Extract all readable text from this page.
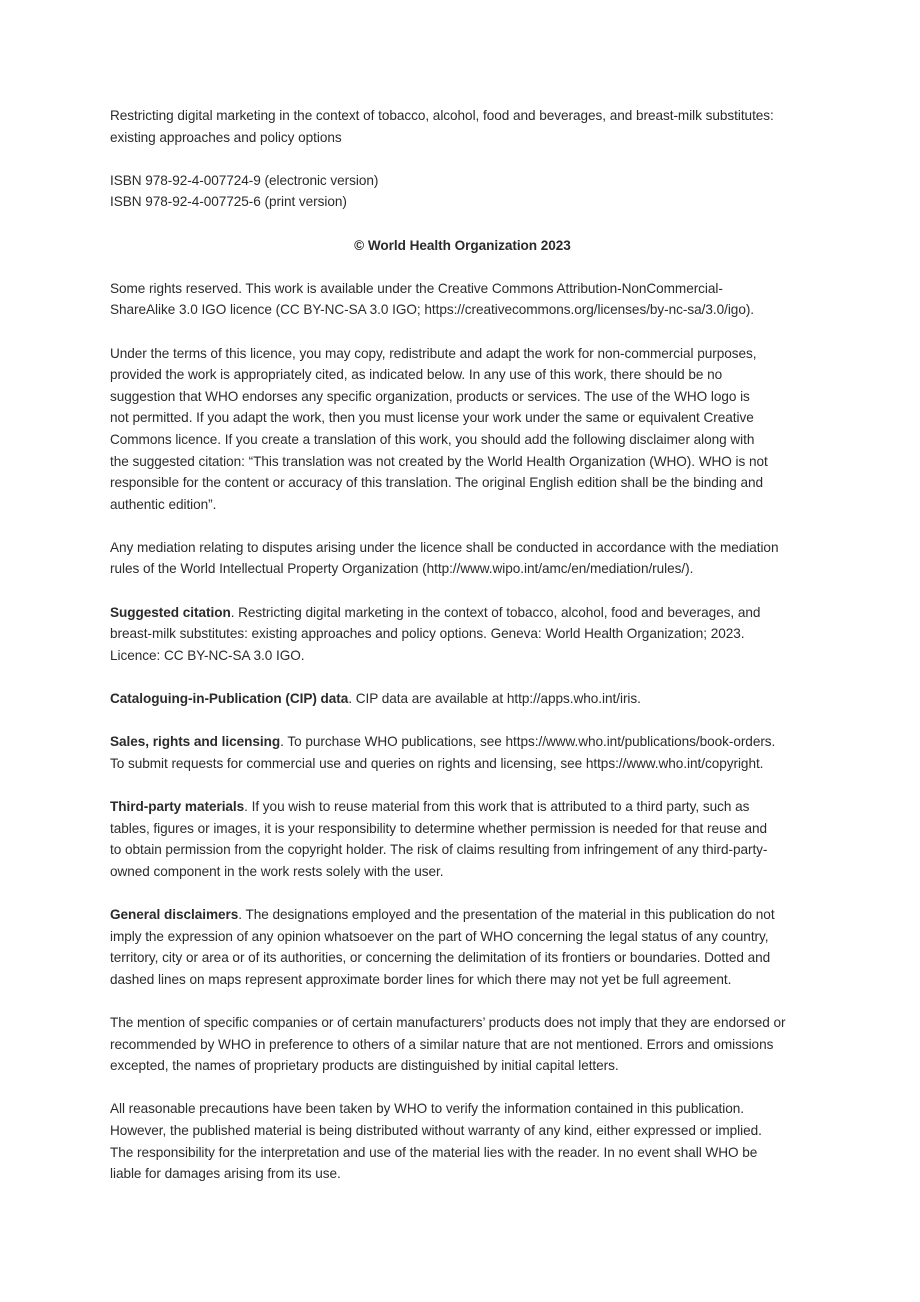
Restricting digital marketing in the context of tobacco, alcohol, food and beverages, and breast-milk substitutes:
existing approaches and policy options

ISBN 978-92-4-007724-9 (electronic version)
ISBN 978-92-4-007725-6 (print version)

© World Health Organization 2023

Some rights reserved. This work is available under the Creative Commons Attribution-NonCommercial-
ShareAlike 3.0 IGO licence (CC BY-NC-SA 3.0 IGO; https://creativecommons.org/licenses/by-nc-sa/3.0/igo).

Under the terms of this licence, you may copy, redistribute and adapt the work for non-commercial purposes,
provided the work is appropriately cited, as indicated below. In any use of this work, there should be no
suggestion that WHO endorses any specific organization, products or services. The use of the WHO logo is
not permitted. If you adapt the work, then you must license your work under the same or equivalent Creative
Commons licence. If you create a translation of this work, you should add the following disclaimer along with
the suggested citation: “This translation was not created by the World Health Organization (WHO). WHO is not
responsible for the content or accuracy of this translation. The original English edition shall be the binding and
authentic edition”.

Any mediation relating to disputes arising under the licence shall be conducted in accordance with the mediation
rules of the World Intellectual Property Organization (http://www.wipo.int/amc/en/mediation/rules/).

Suggested citation. Restricting digital marketing in the context of tobacco, alcohol, food and beverages, and
breast-milk substitutes: existing approaches and policy options. Geneva: World Health Organization; 2023.
Licence: CC BY-NC-SA 3.0 IGO.

Cataloguing-in-Publication (CIP) data. CIP data are available at http://apps.who.int/iris.

Sales, rights and licensing. To purchase WHO publications, see https://www.who.int/publications/book-orders.
To submit requests for commercial use and queries on rights and licensing, see https://www.who.int/copyright.

Third-party materials. If you wish to reuse material from this work that is attributed to a third party, such as
tables, figures or images, it is your responsibility to determine whether permission is needed for that reuse and
to obtain permission from the copyright holder. The risk of claims resulting from infringement of any third-party-
owned component in the work rests solely with the user.

General disclaimers. The designations employed and the presentation of the material in this publication do not
imply the expression of any opinion whatsoever on the part of WHO concerning the legal status of any country,
territory, city or area or of its authorities, or concerning the delimitation of its frontiers or boundaries. Dotted and
dashed lines on maps represent approximate border lines for which there may not yet be full agreement.

The mention of specific companies or of certain manufacturers’ products does not imply that they are endorsed or
recommended by WHO in preference to others of a similar nature that are not mentioned. Errors and omissions
excepted, the names of proprietary products are distinguished by initial capital letters.

All reasonable precautions have been taken by WHO to verify the information contained in this publication.
However, the published material is being distributed without warranty of any kind, either expressed or implied.
The responsibility for the interpretation and use of the material lies with the reader. In no event shall WHO be
liable for damages arising from its use.
